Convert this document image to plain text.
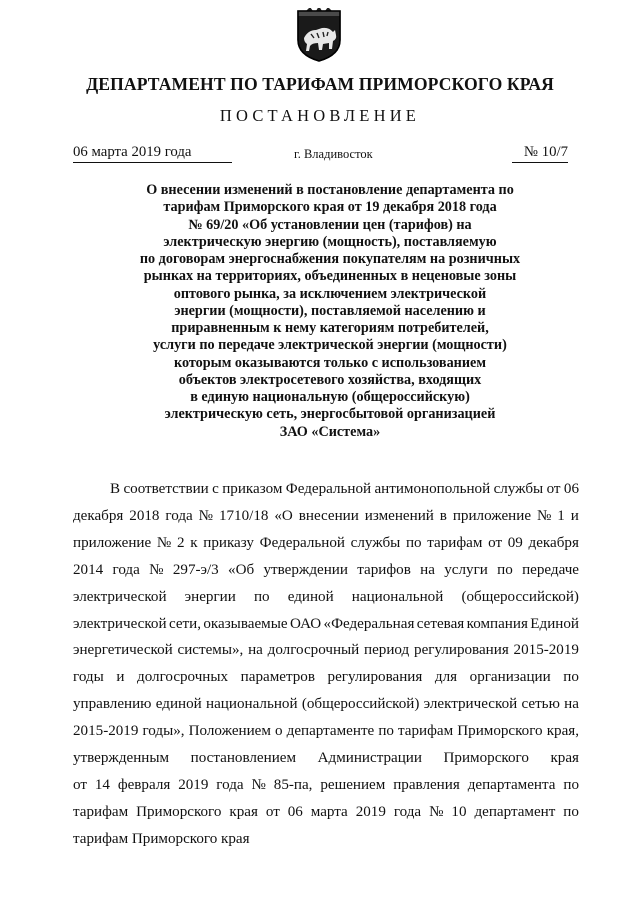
ДЕПАРТАМЕНТ ПО ТАРИФАМ ПРИМОРСКОГО КРАЯ
ПОСТАНОВЛЕНИЕ
06 марта 2019 года	г. Владивосток	№ 10/7
О внесении изменений в постановление департамента по
тарифам Приморского края от 19 декабря 2018 года
№ 69/20 «Об установлении цен (тарифов) на
электрическую энергию (мощность), поставляемую
по договорам энергоснабжения покупателям на розничных
рынках на территориях, объединенных в неценовые зоны
оптового рынка, за исключением электрической
энергии (мощности), поставляемой населению и
приравненным к нему категориям потребителей,
услуги по передаче электрической энергии (мощности)
которым оказываются только с использованием
объектов электросетевого хозяйства, входящих
в единую национальную (общероссийскую)
электрическую сеть, энергосбытовой организацией
ЗАО «Система»
В соответствии с приказом Федеральной антимонопольной службы от 06
декабря 2018 года № 1710/18 «О внесении изменений в приложение № 1 и
приложение № 2 к приказу Федеральной службы по тарифам от 09 декабря
2014 года № 297-э/3 «Об утверждении тарифов на услуги по передаче
электрической энергии по единой национальной (общероссийской)
электрической сети, оказываемые ОАО «Федеральная сетевая компания Единой
энергетической системы», на долгосрочный период регулирования 2015-2019
годы и долгосрочных параметров регулирования для организации по
управлению единой национальной (общероссийской) электрической сетью на
2015-2019 годы», Положением о департаменте по тарифам Приморского края,
утвержденным постановлением Администрации Приморского края
от 14 февраля 2019 года № 85-па, решением правления департамента по
тарифам Приморского края от 06 марта 2019 года № 10 департамент по
тарифам Приморского края
